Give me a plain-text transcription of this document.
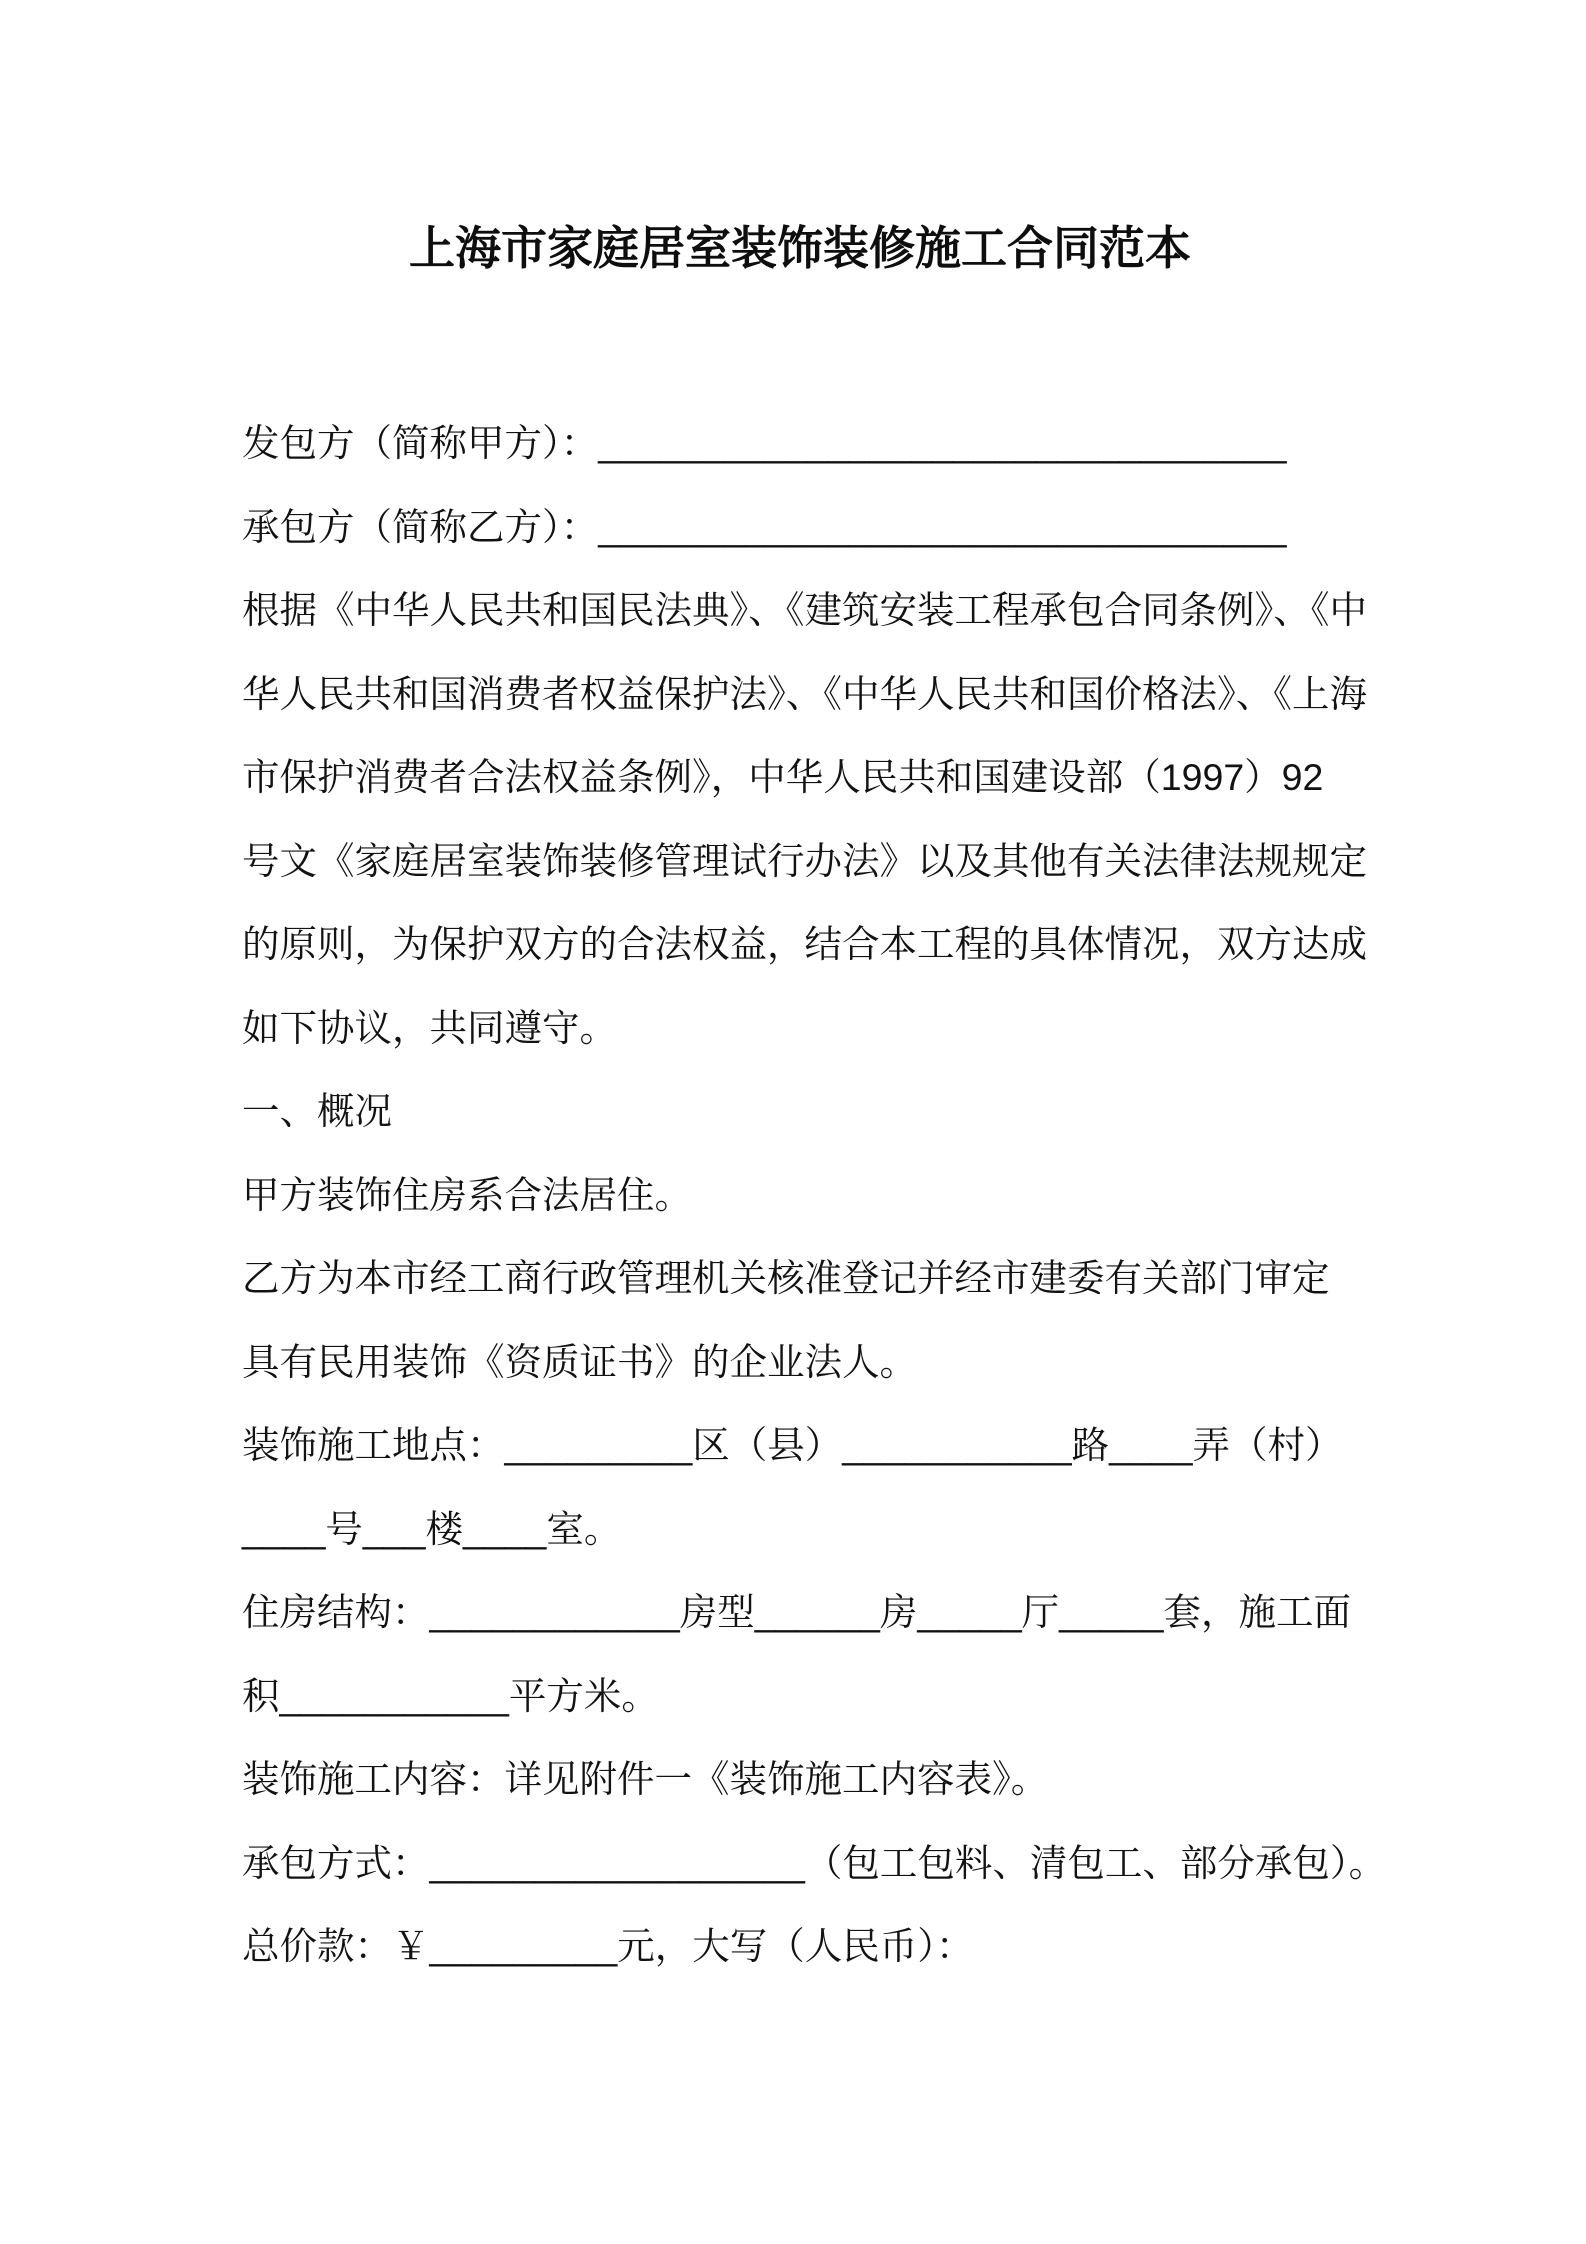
上海市家庭居室装饰装修施工合同范本
发包方（简称甲方）：_________________________________
承包方（简称乙方）：_________________________________
根据《中华人民共和国民法典》、《建筑安装工程承包合同条例》、《中
华人民共和国消费者权益保护法》、《中华人民共和国价格法》、《上海
市保护消费者合法权益条例》，中华人民共和国建设部（1997）92
号文《家庭居室装饰装修管理试行办法》以及其他有关法律法规规定
的原则，为保护双方的合法权益，结合本工程的具体情况，双方达成
如下协议，共同遵守。
一、概况
甲方装饰住房系合法居住。
乙方为本市经工商行政管理机关核准登记并经市建委有关部门审定
具有民用装饰《资质证书》的企业法人。
装饰施工地点：_________区（县）___________路____弄（村）
____号___楼____室。
住房结构：____________房型______房_____厅_____套，施工面
积___________平方米。
装饰施工内容：详见附件一《装饰施工内容表》。
承包方式：__________________（包工包料、清包工、部分承包）。
总价款：￥_________元，大写（人民币）：
